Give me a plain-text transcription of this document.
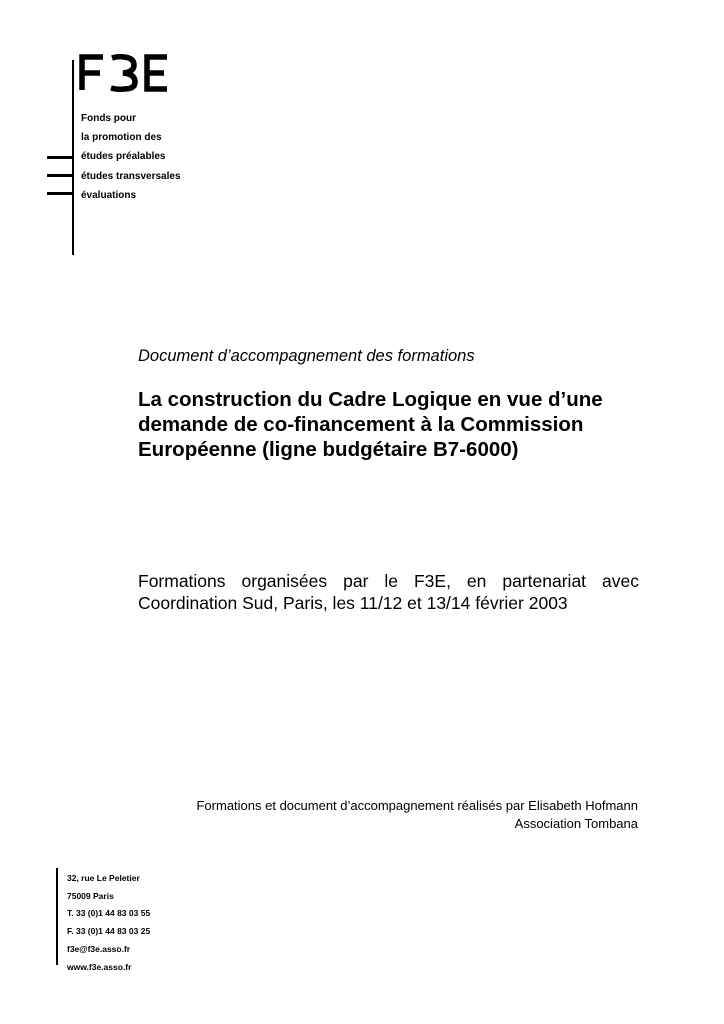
Fonds pour
la promotion des
études préalables
études transversales
évaluations
Document d’accompagnement des formations
La construction du Cadre Logique en vue d’une
demande de co-financement à la Commission
Européenne (ligne budgétaire B7-6000)
Formations organisées par le F3E, en partenariat avec Coordination Sud, Paris, les 11/12 et 13/14 février 2003
Formations et document d’accompagnement réalisés par Elisabeth Hofmann
Association Tombana
32, rue Le Peletier
75009 Paris
T. 33 (0)1 44 83 03 55
F. 33 (0)1 44 83 03 25
f3e@f3e.asso.fr
www.f3e.asso.fr
